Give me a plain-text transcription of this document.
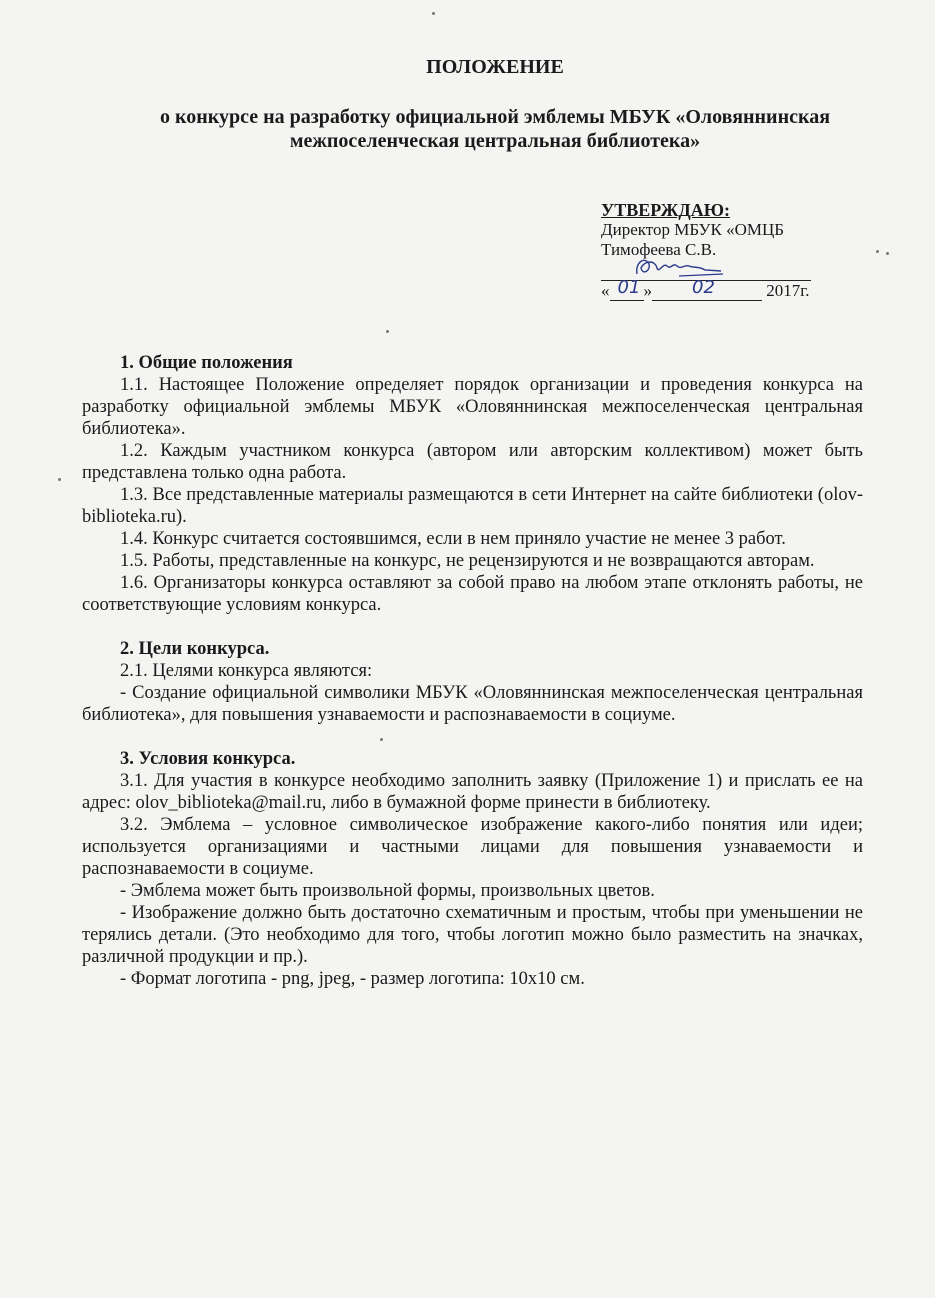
ПОЛОЖЕНИЕ
о конкурсе на разработку официальной эмблемы МБУК «Оловяннинская межпоселенческая центральная библиотека»
УТВЕРЖДАЮ:
Директор МБУК «ОМЦБ
Тимофеева С.В.
« 01 » 02	2017г.

1. Общие положения

1.1. Настоящее Положение определяет порядок организации и проведения конкурса на разработку официальной эмблемы МБУК «Оловяннинская межпоселенческая центральная библиотека».

1.2. Каждым участником конкурса (автором или авторским коллективом) может быть представлена только одна работа.

1.3. Все представленные материалы размещаются в сети Интернет на сайте библиотеки (olov-biblioteka.ru).

1.4. Конкурс считается состоявшимся, если в нем приняло участие не менее 3 работ.

1.5. Работы, представленные на конкурс, не рецензируются и не возвращаются авторам.

1.6. Организаторы конкурса оставляют за собой право на любом этапе отклонять работы, не соответствующие условиям конкурса.

2. Цели конкурса.

2.1. Целями конкурса являются:

- Создание официальной символики МБУК «Оловяннинская межпоселенческая центральная библиотека», для повышения узнаваемости и распознаваемости в социуме.

3. Условия конкурса.

3.1. Для участия в конкурсе необходимо заполнить заявку (Приложение 1) и прислать ее на адрес: olov_biblioteka@mail.ru, либо в бумажной форме принести в библиотеку.

3.2. Эмблема – условное символическое изображение какого-либо понятия или идеи; используется организациями и частными лицами для повышения узнаваемости и распознаваемости в социуме.

- Эмблема может быть произвольной формы, произвольных цветов.

- Изображение должно быть достаточно схематичным и простым, чтобы при уменьшении не терялись детали. (Это необходимо для того, чтобы логотип можно было разместить на значках, различной продукции и пр.).

- Формат логотипа - png, jpeg, - размер логотипа: 10x10 см.
